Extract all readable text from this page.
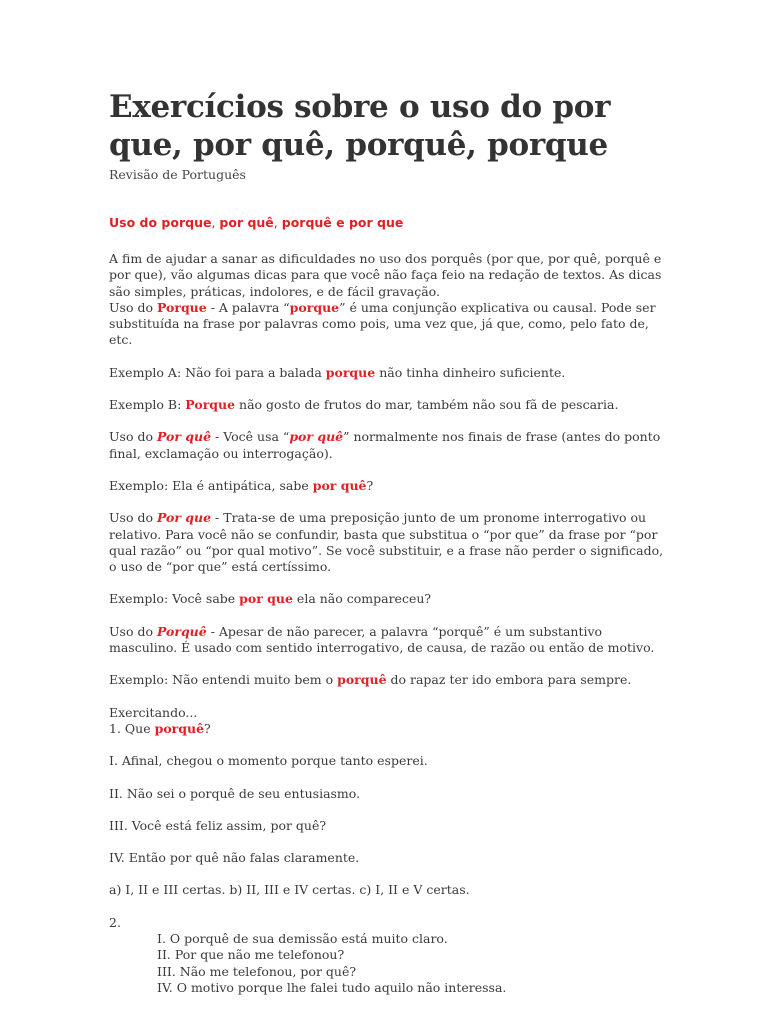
Exercícios sobre o uso do por que, por quê, porquê, porque
Revisão de Português
Uso do porque, por quê, porquê e por que

A fim de ajudar a sanar as dificuldades no uso dos porquês (por que, por quê, porquê e por que), vão algumas dicas para que você não faça feio na redação de textos. As dicas são simples, práticas, indolores, e de fácil gravação.

Uso do Porque - A palavra “porque” é uma conjunção explicativa ou causal. Pode ser substituída na frase por palavras como pois, uma vez que, já que, como, pelo fato de, etc.

Exemplo A: Não foi para a balada porque não tinha dinheiro suficiente.

Exemplo B: Porque não gosto de frutos do mar, também não sou fã de pescaria.

Uso do Por quê - Você usa “por quê” normalmente nos finais de frase (antes do ponto final, exclamação ou interrogação).

Exemplo: Ela é antipática, sabe por quê?

Uso do Por que - Trata-se de uma preposição junto de um pronome interrogativo ou relativo. Para você não se confundir, basta que substitua o “por que” da frase por “por qual razão” ou “por qual motivo”. Se você substituir, e a frase não perder o significado, o uso de “por que” está certíssimo.

Exemplo: Você sabe por que ela não compareceu?

Uso do Porquê - Apesar de não parecer, a palavra “porquê” é um substantivo masculino. É usado com sentido interrogativo, de causa, de razão ou então de motivo.

Exemplo: Não entendi muito bem o porquê do rapaz ter ido embora para sempre.

Exercitando...

1. Que porquê?

I. Afinal, chegou o momento porque tanto esperei.

II. Não sei o porquê de seu entusiasmo.

III. Você está feliz assim, por quê?

IV. Então por quê não falas claramente.

a) I, II e III certas. b) II, III e IV certas. c) I, II e V certas.

2.

I. O porquê de sua demissão está muito claro.

II. Por que não me telefonou?

III. Não me telefonou, por quê?

IV. O motivo porque lhe falei tudo aquilo não interessa.
